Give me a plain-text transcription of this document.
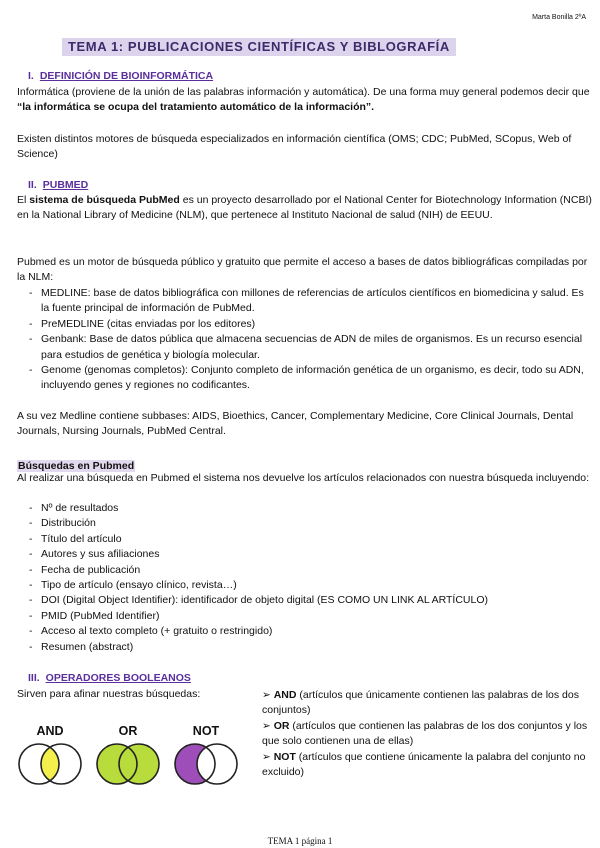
Marta Bonilla 2ºA
TEMA 1: PUBLICACIONES CIENTÍFICAS Y BIBLOGRAFÍA
I. DEFINICIÓN DE BIOINFORMÁTICA
Informática (proviene de la unión de las palabras información y automática). De una forma muy general podemos decir que “la informática se ocupa del tratamiento automático de la información”.
Existen distintos motores de búsqueda especializados en información científica (OMS; CDC; PubMed, SCopus, Web of Science)
II. PUBMED
El sistema de búsqueda PubMed es un proyecto desarrollado por el National Center for Biotechnology Information (NCBI) en la National Library of Medicine (NLM), que pertenece al Instituto Nacional de salud (NIH) de EEUU.
Pubmed es un motor de búsqueda público y gratuito que permite el acceso a bases de datos bibliográficas compiladas por la NLM:
- MEDLINE: base de datos bibliográfica con millones de referencias de artículos científicos en biomedicina y salud. Es la fuente principal de información de PubMed.
- PreMEDLINE (citas enviadas por los editores)
- Genbank: Base de datos pública que almacena secuencias de ADN de miles de organismos. Es un recurso esencial para estudios de genética y biología molecular.
- Genome (genomas completos): Conjunto completo de información genética de un organismo, es decir, todo su ADN, incluyendo genes y regiones no codificantes.
A su vez Medline contiene subbases: AIDS, Bioethics, Cancer, Complementary Medicine, Core Clinical Journals, Dental Journals, Nursing Journals, PubMed Central.
Búsquedas en Pubmed
Al realizar una búsqueda en Pubmed el sistema nos devuelve los artículos relacionados con nuestra búsqueda incluyendo:
- Nº de resultados
- Distribución
- Título del artículo
- Autores y sus afiliaciones
- Fecha de publicación
- Tipo de artículo (ensayo clínico, revista…)
- DOI (Digital Object Identifier): identificador de objeto digital (ES COMO UN LINK AL ARTÍCULO)
- PMID (PubMed Identifier)
- Acceso al texto completo (+ gratuito o restringido)
- Resumen (abstract)
III. OPERADORES BOOLEANOS
Sirven para afinar nuestras búsquedas:	➢ AND (artículos que únicamente contienen las palabras de los dos conjuntos)
➢ OR (artículos que contienen las palabras de los dos conjuntos y los que solo contienen una de ellas)
➢ NOT (artículos que contiene únicamente la palabra del conjunto no excluido)
AND	OR	NOT
TEMA 1 página 1
